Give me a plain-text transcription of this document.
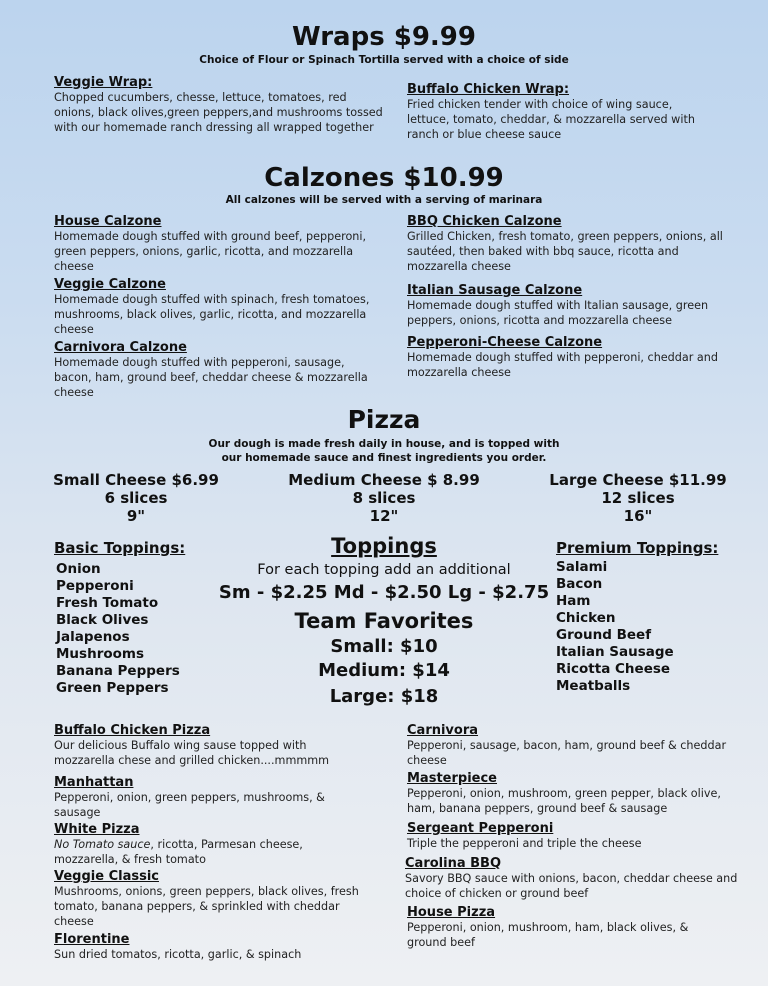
Wraps $9.99
Choice of Flour or Spinach Tortilla served with a choice of side
Veggie Wrap:
Chopped cucumbers, chesse, lettuce, tomatoes, red onions, black olives,green peppers,and mushrooms tossed with our homemade ranch dressing all wrapped together
Buffalo Chicken Wrap:
Fried chicken tender with choice of wing sauce, lettuce, tomato, cheddar, & mozzarella served with ranch or blue cheese sauce
Calzones $10.99
All calzones will be served with a serving of marinara
House Calzone
Homemade dough stuffed with ground beef, pepperoni, green peppers, onions, garlic, ricotta, and mozzarella cheese
Veggie Calzone
Homemade dough stuffed with spinach, fresh tomatoes, mushrooms, black olives, garlic, ricotta, and mozzarella cheese
Carnivora Calzone
Homemade dough stuffed with pepperoni, sausage, bacon, ham, ground beef, cheddar cheese & mozzarella cheese
BBQ Chicken Calzone
Grilled Chicken, fresh tomato, green peppers, onions, all sautéed, then baked with bbq sauce, ricotta and mozzarella cheese
Italian Sausage Calzone
Homemade dough stuffed with Italian sausage, green peppers, onions, ricotta and mozzarella cheese
Pepperoni-Cheese Calzone
Homemade dough stuffed with pepperoni, cheddar and mozzarella cheese
Pizza
Our dough is made fresh daily in house, and is topped with
our homemade sauce and finest ingredients you order.
Small Cheese $6.99
6 slices
9"
Medium Cheese $ 8.99
8 slices
12"
Large Cheese $11.99
12 slices
16"
Basic Toppings:
Onion
Pepperoni
Fresh Tomato
Black Olives
Jalapenos
Mushrooms
Banana Peppers
Green Peppers
Toppings
For each topping add an additional
Sm - $2.25 Md - $2.50 Lg - $2.75
Team Favorites
Small: $10
Medium: $14
Large: $18
Premium Toppings:
Salami
Bacon
Ham
Chicken
Ground Beef
Italian Sausage
Ricotta Cheese
Meatballs
Buffalo Chicken Pizza
Our delicious Buffalo wing sause topped with mozzarella chese and grilled chicken....mmmmm
Manhattan
Pepperoni, onion, green peppers, mushrooms, & sausage
White Pizza
No Tomato sauce, ricotta, Parmesan cheese, mozzarella, & fresh tomato
Veggie Classic
Mushrooms, onions, green peppers, black olives, fresh tomato, banana peppers, & sprinkled with cheddar cheese
Florentine
Sun dried tomatos, ricotta, garlic, & spinach
Carnivora
Pepperoni, sausage, bacon, ham, ground beef & cheddar cheese
Masterpiece
Pepperoni, onion, mushroom, green pepper, black olive, ham, banana peppers, ground beef & sausage
Sergeant Pepperoni
Triple the pepperoni and triple the cheese
Carolina BBQ
Savory BBQ sauce with onions, bacon, cheddar cheese and choice of chicken or ground beef
House Pizza
Pepperoni, onion, mushroom, ham, black olives, & ground beef
